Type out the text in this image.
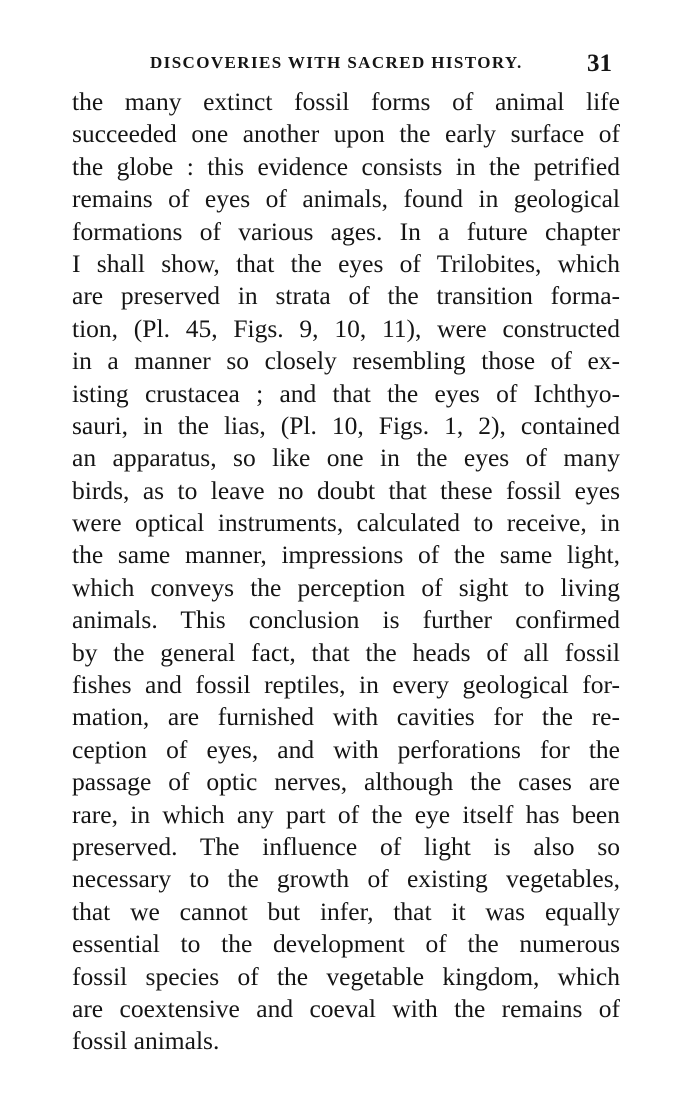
DISCOVERIES WITH SACRED HISTORY.	31
the many extinct fossil forms of animal life
succeeded one another upon the early surface of
the globe : this evidence consists in the petrified
remains of eyes of animals, found in geological
formations of various ages. In a future chapter
I shall show, that the eyes of Trilobites, which
are preserved in strata of the transition forma-
tion, (Pl. 45, Figs. 9, 10, 11), were constructed
in a manner so closely resembling those of ex-
isting crustacea ; and that the eyes of Ichthyo-
sauri, in the lias, (Pl. 10, Figs. 1, 2), contained
an apparatus, so like one in the eyes of many
birds, as to leave no doubt that these fossil eyes
were optical instruments, calculated to receive, in
the same manner, impressions of the same light,
which conveys the perception of sight to living
animals. This conclusion is further confirmed
by the general fact, that the heads of all fossil
fishes and fossil reptiles, in every geological for-
mation, are furnished with cavities for the re-
ception of eyes, and with perforations for the
passage of optic nerves, although the cases are
rare, in which any part of the eye itself has been
preserved. The influence of light is also so
necessary to the growth of existing vegetables,
that we cannot but infer, that it was equally
essential to the development of the numerous
fossil species of the vegetable kingdom, which
are coextensive and coeval with the remains of
fossil animals.
